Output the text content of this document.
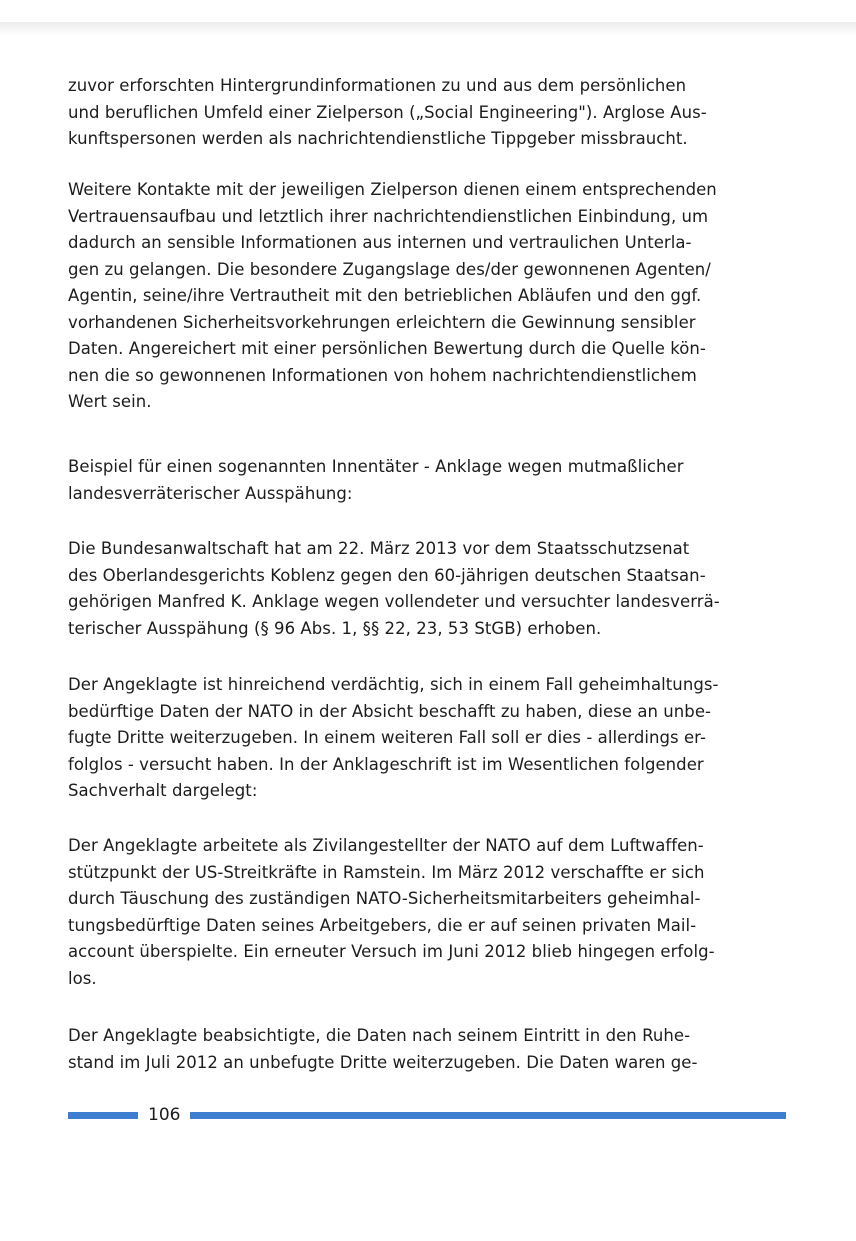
zuvor erforschten Hintergrundinformationen zu und aus dem persönlichen
und beruflichen Umfeld einer Zielperson („Social Engineering"). Arglose Aus-
kunftspersonen werden als nachrichtendienstliche Tippgeber missbraucht.

Weitere Kontakte mit der jeweiligen Zielperson dienen einem entsprechenden
Vertrauensaufbau und letztlich ihrer nachrichtendienstlichen Einbindung, um
dadurch an sensible Informationen aus internen und vertraulichen Unterla-
gen zu gelangen. Die besondere Zugangslage des/der gewonnenen Agenten/
Agentin, seine/ihre Vertrautheit mit den betrieblichen Abläufen und den ggf.
vorhandenen Sicherheitsvorkehrungen erleichtern die Gewinnung sensibler
Daten. Angereichert mit einer persönlichen Bewertung durch die Quelle kön-
nen die so gewonnenen Informationen von hohem nachrichtendienstlichem
Wert sein.

Beispiel für einen sogenannten Innentäter - Anklage wegen mutmaßlicher
landesverräterischer Ausspähung:

Die Bundesanwaltschaft hat am 22. März 2013 vor dem Staatsschutzsenat
des Oberlandesgerichts Koblenz gegen den 60-jährigen deutschen Staatsan-
gehörigen Manfred K. Anklage wegen vollendeter und versuchter landesverrä-
terischer Ausspähung (§ 96 Abs. 1, §§ 22, 23, 53 StGB) erhoben.

Der Angeklagte ist hinreichend verdächtig, sich in einem Fall geheimhaltungs-
bedürftige Daten der NATO in der Absicht beschafft zu haben, diese an unbe-
fugte Dritte weiterzugeben. In einem weiteren Fall soll er dies - allerdings er-
folglos - versucht haben. In der Anklageschrift ist im Wesentlichen folgender
Sachverhalt dargelegt:

Der Angeklagte arbeitete als Zivilangestellter der NATO auf dem Luftwaffen-
stützpunkt der US-Streitkräfte in Ramstein. Im März 2012 verschaffte er sich
durch Täuschung des zuständigen NATO-Sicherheitsmitarbeiters geheimhal-
tungsbedürftige Daten seines Arbeitgebers, die er auf seinen privaten Mail-
account überspielte. Ein erneuter Versuch im Juni 2012 blieb hingegen erfolg-
los.

Der Angeklagte beabsichtigte, die Daten nach seinem Eintritt in den Ruhe-
stand im Juli 2012 an unbefugte Dritte weiterzugeben. Die Daten waren ge-

106
